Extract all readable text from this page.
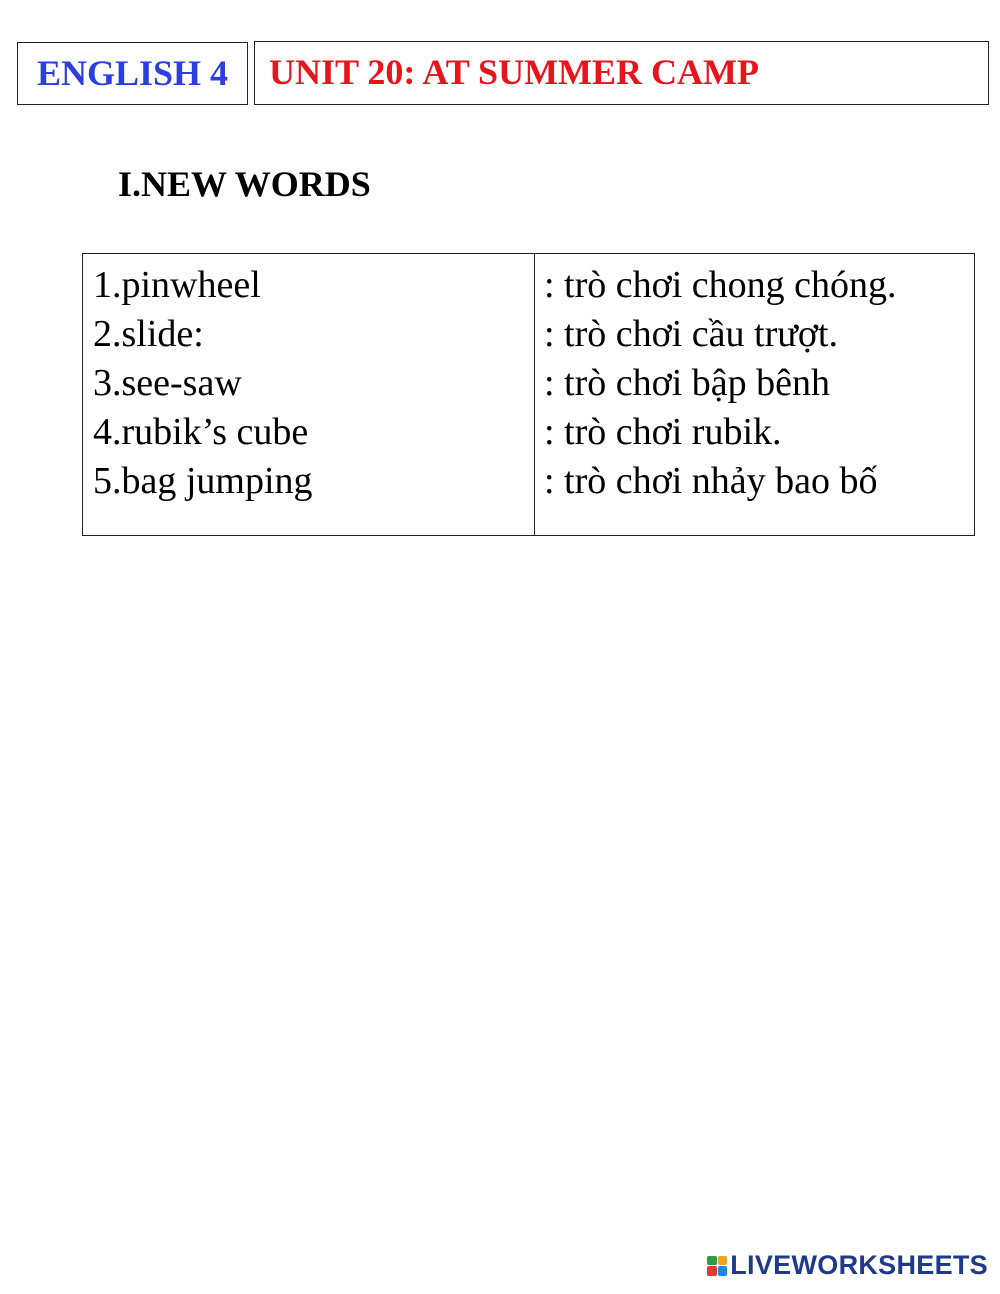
ENGLISH 4 UNIT 20: AT SUMMER CAMP
I.NEW WORDS
1.pinwheel
2.slide:
3.see-saw
4.rubik’s cube
5.bag jumping
: trò chơi chong chóng.
: trò chơi cầu trượt.
: trò chơi bập bênh
: trò chơi rubik.
: trò chơi nhảy bao bố
LIVEWORKSHEETS
